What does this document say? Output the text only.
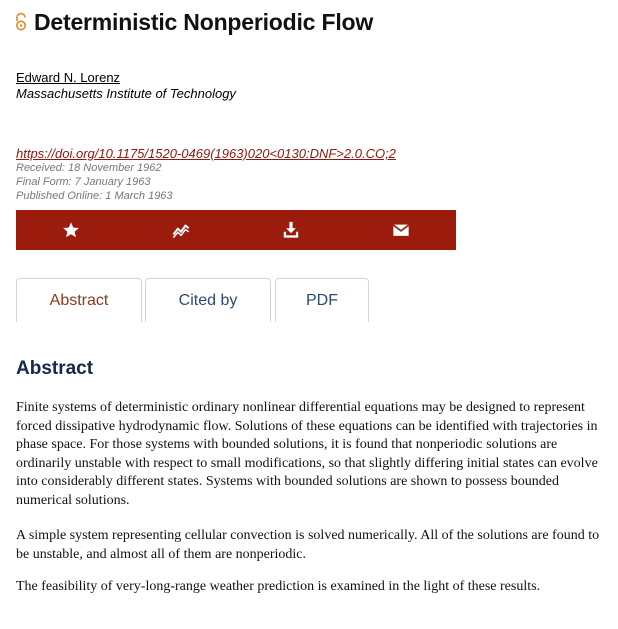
Deterministic Nonperiodic Flow
Edward N. Lorenz
Massachusetts Institute of Technology
https://doi.org/10.1175/1520-0469(1963)020<0130:DNF>2.0.CO;2
Received: 18 November 1962
Final Form: 7 January 1963
Published Online: 1 March 1963
Abstract	Cited by	PDF
Abstract

Finite systems of deterministic ordinary nonlinear differential equations may be designed to represent forced dissipative hydrodynamic flow. Solutions of these equations can be identified with trajectories in phase space. For those systems with bounded solutions, it is found that nonperiodic solutions are ordinarily unstable with respect to small modifications, so that slightly differing initial states can evolve into considerably different states. Systems with bounded solutions are shown to possess bounded numerical solutions.

A simple system representing cellular convection is solved numerically. All of the solutions are found to be unstable, and almost all of them are nonperiodic.

The feasibility of very-long-range weather prediction is examined in the light of these results.
